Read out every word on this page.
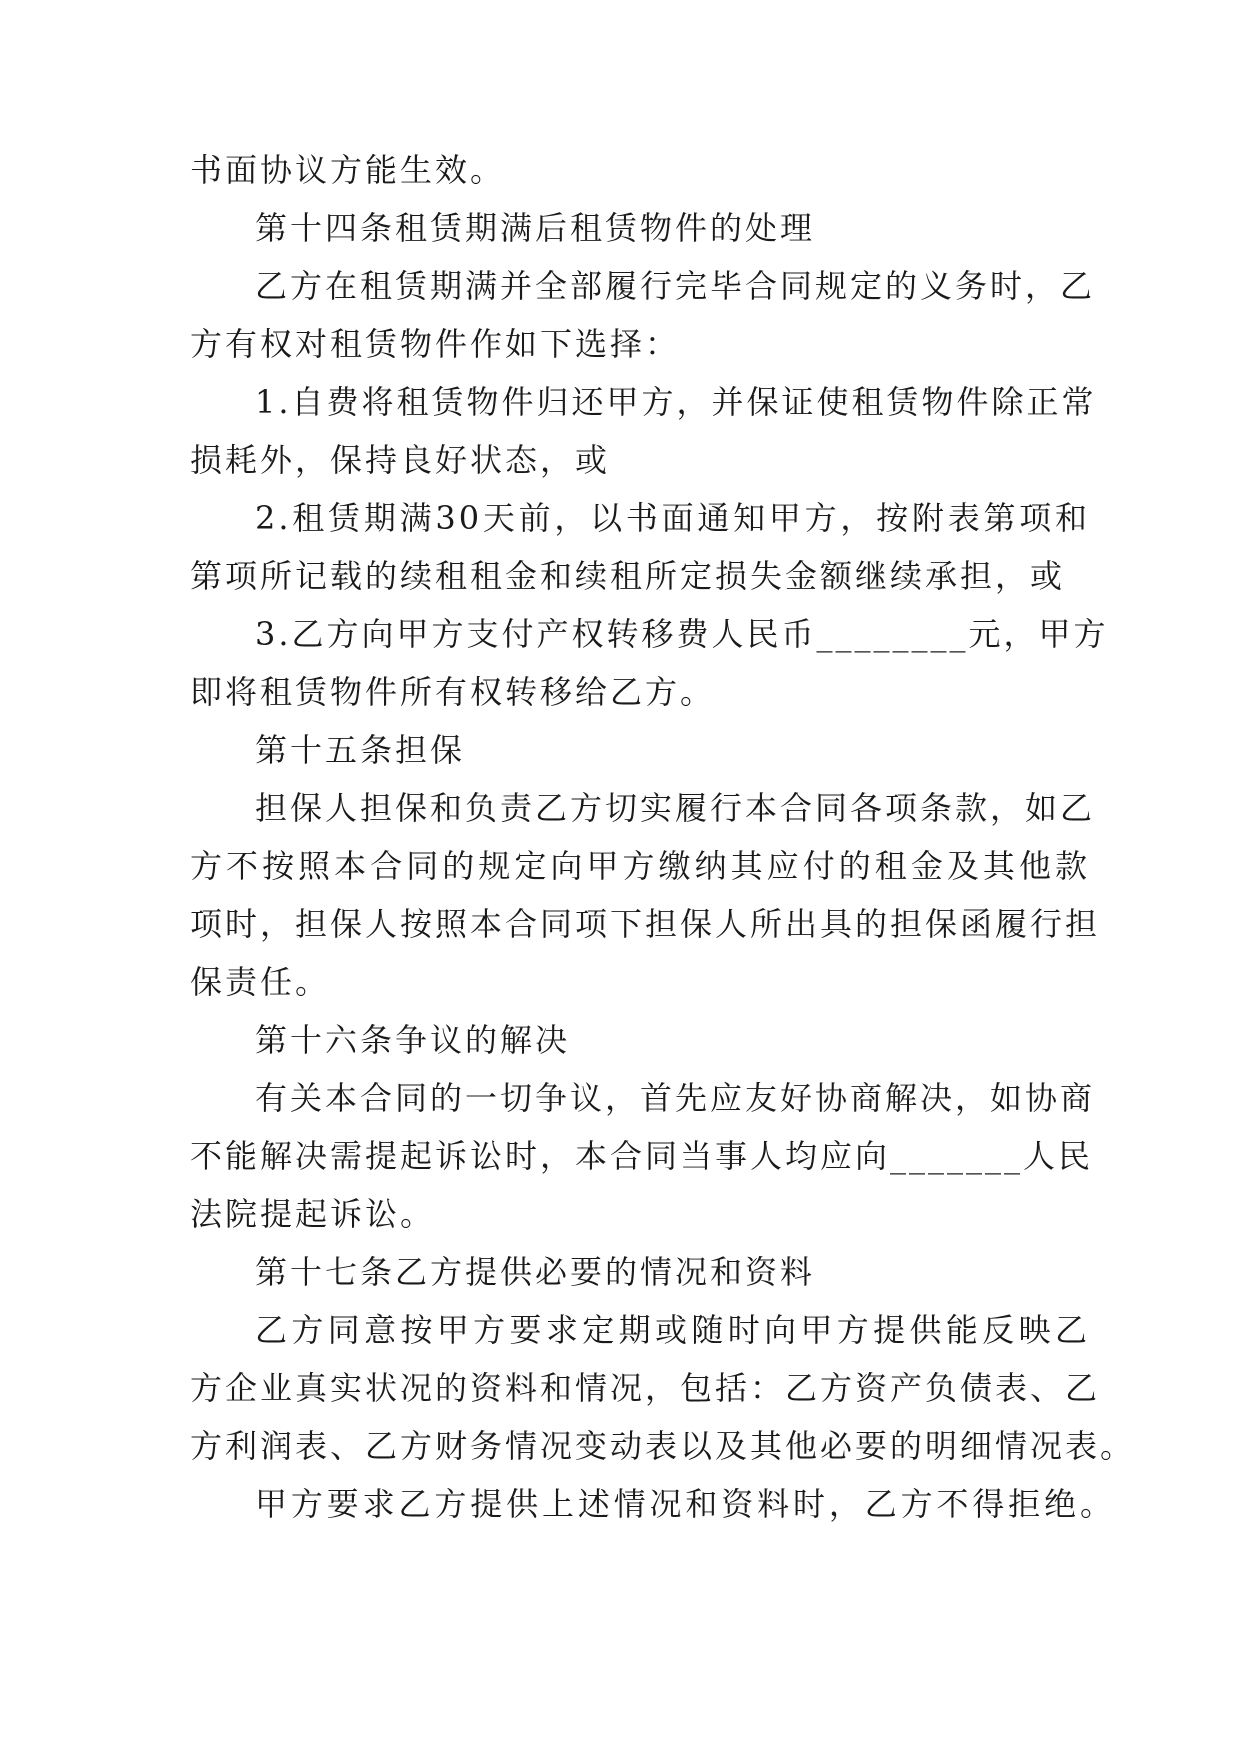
书面协议方能生效。
第十四条租赁期满后租赁物件的处理
乙方在租赁期满并全部履行完毕合同规定的义务时，乙
方有权对租赁物件作如下选择：
1.自费将租赁物件归还甲方，并保证使租赁物件除正常
损耗外，保持良好状态，或
2.租赁期满30天前，以书面通知甲方，按附表第项和
第项所记载的续租租金和续租所定损失金额继续承担，或
3.乙方向甲方支付产权转移费人民币________元，甲方
即将租赁物件所有权转移给乙方。
第十五条担保
担保人担保和负责乙方切实履行本合同各项条款，如乙
方不按照本合同的规定向甲方缴纳其应付的租金及其他款
项时，担保人按照本合同项下担保人所出具的担保函履行担
保责任。
第十六条争议的解决
有关本合同的一切争议，首先应友好协商解决，如协商
不能解决需提起诉讼时，本合同当事人均应向_______人民
法院提起诉讼。
第十七条乙方提供必要的情况和资料
乙方同意按甲方要求定期或随时向甲方提供能反映乙
方企业真实状况的资料和情况，包括：乙方资产负债表、乙
方利润表、乙方财务情况变动表以及其他必要的明细情况表。
甲方要求乙方提供上述情况和资料时，乙方不得拒绝。
